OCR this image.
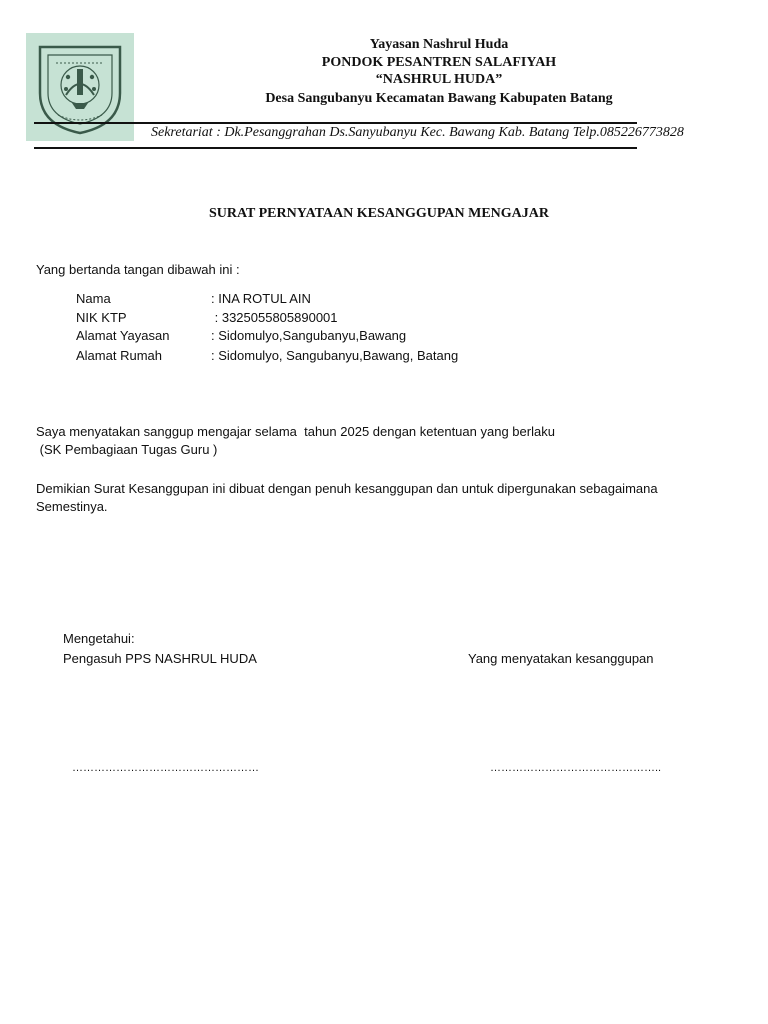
Yayasan Nashrul Huda
PONDOK PESANTREN SALAFIYAH
“NASHRUL HUDA”
Desa Sangubanyu Kecamatan Bawang Kabupaten Batang
Sekretariat : Dk.Pesanggrahan Ds.Sanyubanyu Kec. Bawang Kab. Batang Telp.085226773828
SURAT PERNYATAAN KESANGGUPAN MENGAJAR
Yang bertanda tangan dibawah ini :
Nama	: INA ROTUL AIN
NIK KTP	: 3325055805890001
Alamat Yayasan	: Sidomulyo,Sangubanyu,Bawang
Alamat Rumah	: Sidomulyo, Sangubanyu,Bawang, Batang
Saya menyatakan sanggup mengajar selama  tahun 2025 dengan ketentuan yang berlaku
(SK Pembagiaan Tugas Guru )
Demikian Surat Kesanggupan ini dibuat dengan penuh kesanggupan dan untuk dipergunakan sebagaimana
Semestinya.
Mengetahui:
Pengasuh PPS NASHRUL HUDA	Yang menyatakan kesanggupan
……………………………………………	………………………………………..
